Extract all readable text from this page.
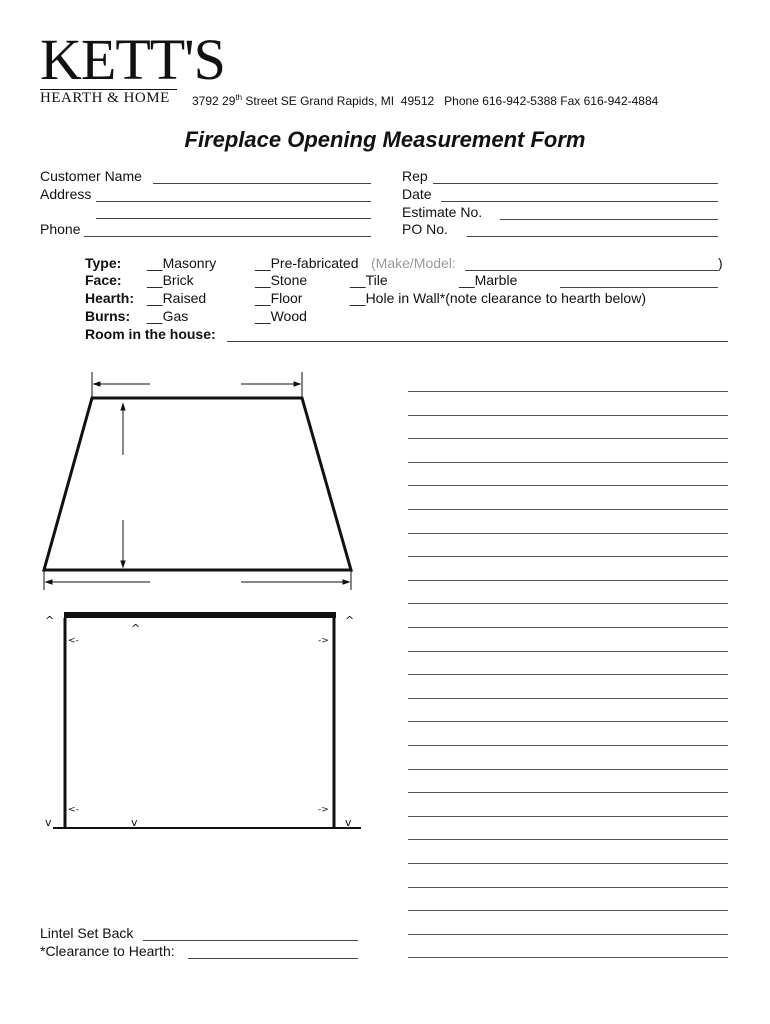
KETT'S
HEARTH & HOME	3792 29th Street SE Grand Rapids, MI  49512   Phone 616-942-5388 Fax 616-942-4884
Fireplace Opening Measurement Form
Customer Name
Address
Phone
Rep
Date
Estimate No.
PO No.
Type: __Masonry	__Pre-fabricated (Make/Model:	)
Face: __Brick	__Stone	__Tile	__Marble
Hearth: __Raised	__Floor	__Hole in Wall*(note clearance to hearth below)
Burns: __Gas	__Wood
Room in the house:
^	^
^
<-	->
<-	->
v	v
v
Lintel Set Back
*Clearance to Hearth:
